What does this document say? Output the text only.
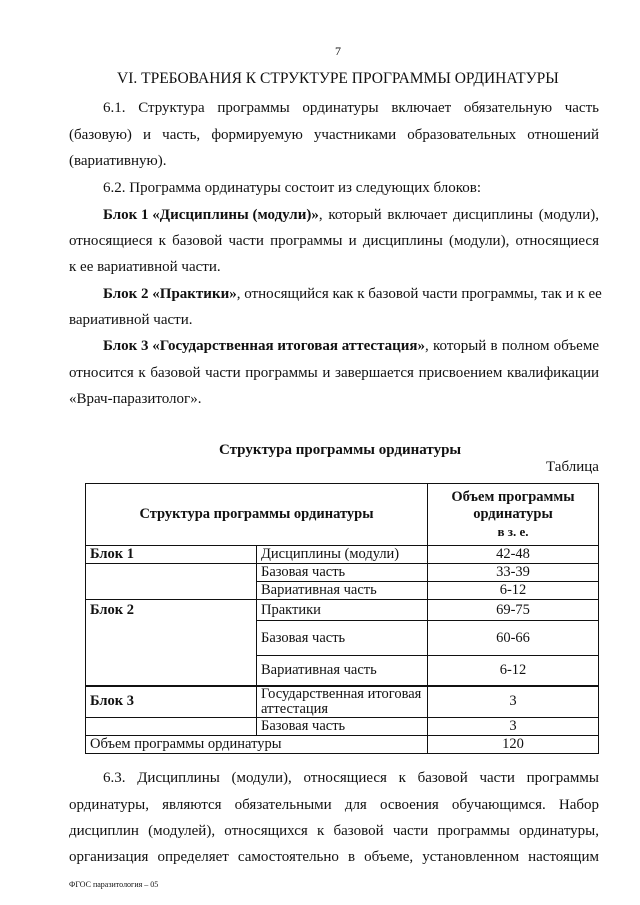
7
VI. ТРЕБОВАНИЯ К СТРУКТУРЕ ПРОГРАММЫ ОРДИНАТУРЫ
6.1. Структура программы ординатуры включает обязательную часть
(базовую) и часть, формируемую участниками образовательных отношений
(вариативную).
6.2. Программа ординатуры состоит из следующих блоков:
Блок 1 «Дисциплины (модули)» , который включает дисциплины (модули),
относящиеся к базовой части программы и дисциплины (модули), относящиеся
к ее вариативной части.
Блок 2 «Практики» , относящийся как к базовой части программы, так и к ее
вариативной части.
Блок 3 «Государственная итоговая аттестация» , который в полном объеме
относится к базовой части программы и завершается присвоением квалификации
«Врач-паразитолог».
Структура программы ординатуры
Таблица
Структура программы ординатуры		Объем программы
ординатуры
в з. е.

Блок 1	Дисциплины (модули)	42-48
	Базовая часть	33-39
	Вариативная часть	6-12
Блок 2	Практики	69-75
	Базовая часть	60-66
	Вариативная часть	6-12
Блок 3	Государственная итоговая аттестация	3
	Базовая часть	3
Объем программы ординатуры		120
6.3. Дисциплины (модули), относящиеся к базовой части программы
ординатуры, являются обязательными для освоения обучающимся. Набор
дисциплин (модулей), относящихся к базовой части программы ординатуры,
организация определяет самостоятельно в объеме, установленном настоящим
ФГОС паразитология – 05
